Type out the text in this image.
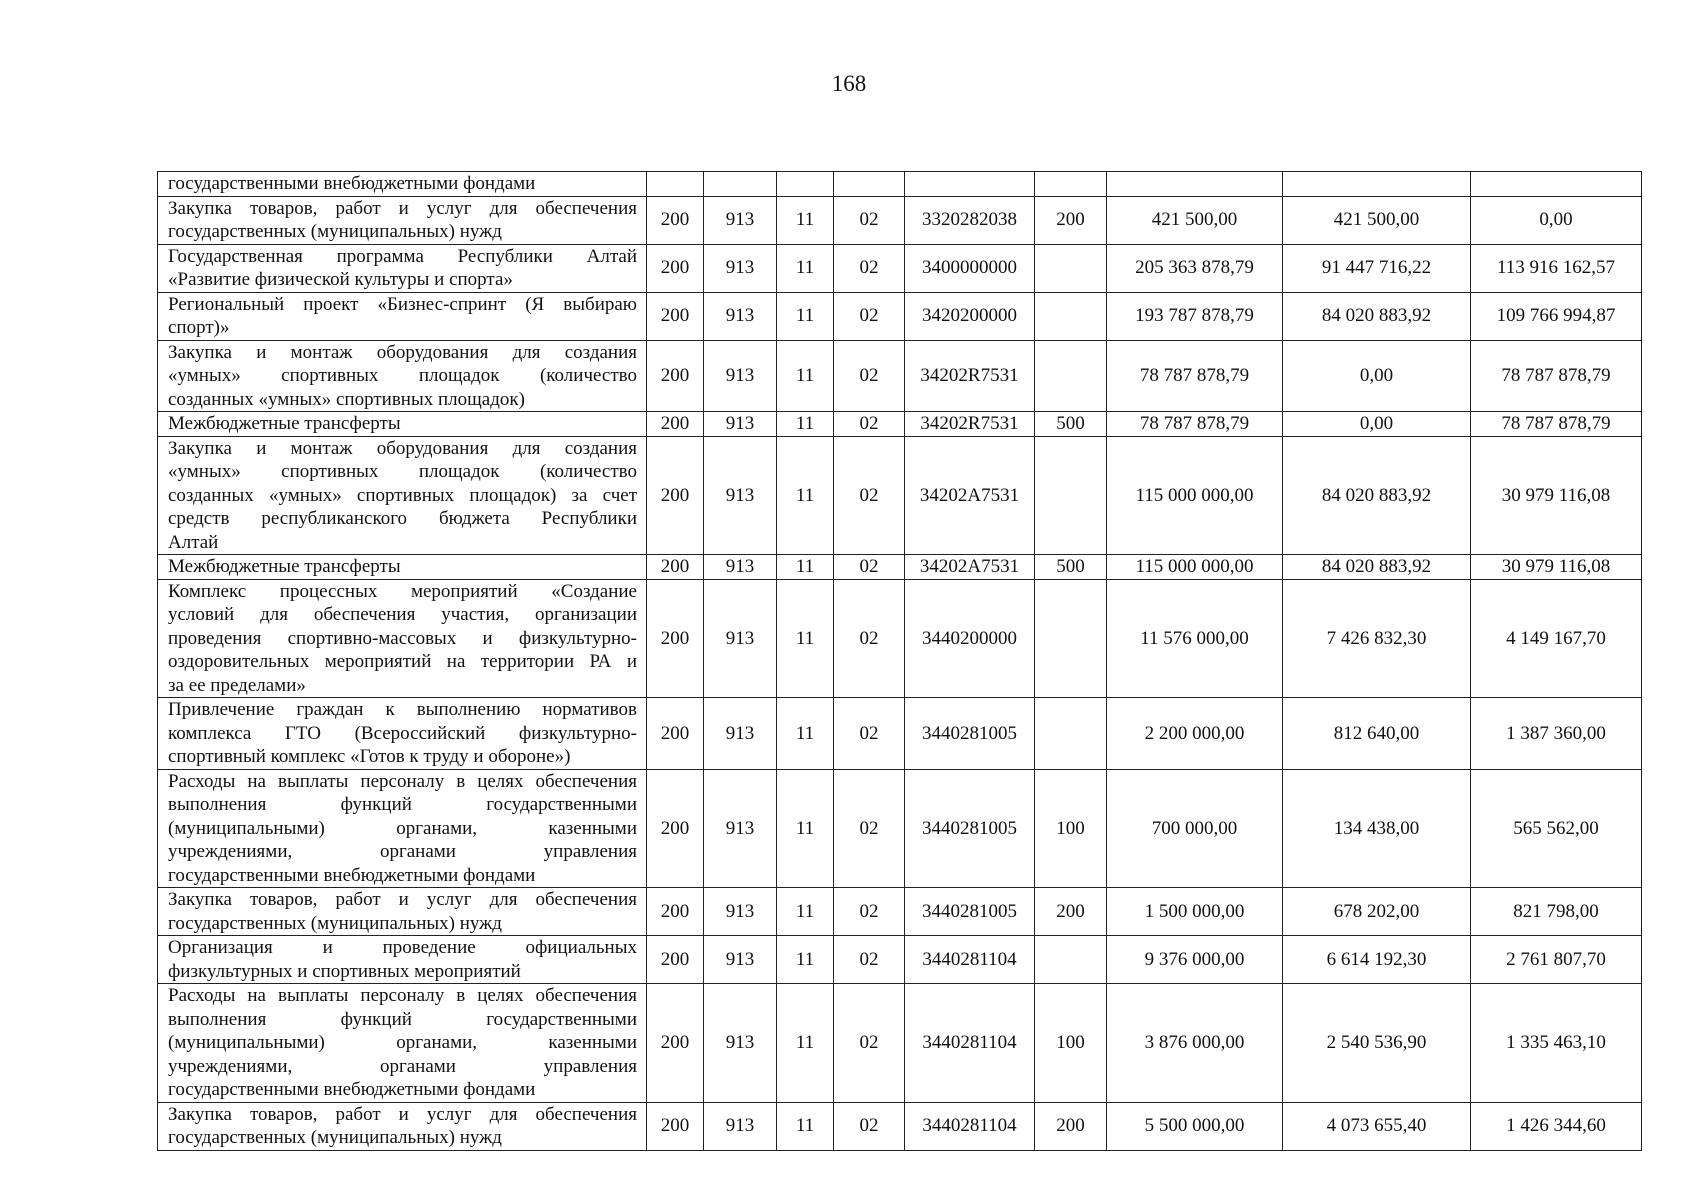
168
государственными внебюджетными фондами									

Закупка товаров, работ и услуг для обеспечения
государственных (муниципальных) нужд	200	913	11	02	3320282038	200	421 500,00	421 500,00	0,00

Государственная программа Республики Алтай
«Развитие физической культуры и спорта»	200	913	11	02	3400000000		205 363 878,79	91 447 716,22	113 916 162,57

Региональный проект «Бизнес-спринт (Я выбираю
спорт)»	200	913	11	02	3420200000		193 787 878,79	84 020 883,92	109 766 994,87

Закупка и монтаж оборудования для создания
«умных» спортивных площадок (количество
созданных «умных» спортивных площадок)	200	913	11	02	34202R7531		78 787 878,79	0,00	78 787 878,79

Межбюджетные трансферты	200	913	11	02	34202R7531	500	78 787 878,79	0,00	78 787 878,79

Закупка и монтаж оборудования для создания
«умных» спортивных площадок (количество
созданных «умных» спортивных площадок) за счет
средств республиканского бюджета Республики
Алтай	200	913	11	02	34202A7531		115 000 000,00	84 020 883,92	30 979 116,08

Межбюджетные трансферты	200	913	11	02	34202A7531	500	115 000 000,00	84 020 883,92	30 979 116,08

Комплекс процессных мероприятий «Создание
условий для обеспечения участия, организации
проведения спортивно-массовых и физкультурно-
оздоровительных мероприятий на территории РА и
за ее пределами»	200	913	11	02	3440200000		11 576 000,00	7 426 832,30	4 149 167,70

Привлечение граждан к выполнению нормативов
комплекса ГТО (Всероссийский физкультурно-
спортивный комплекс «Готов к труду и обороне»)	200	913	11	02	3440281005		2 200 000,00	812 640,00	1 387 360,00

Расходы на выплаты персоналу в целях обеспечения
выполнения функций государственными
(муниципальными) органами, казенными
учреждениями, органами управления
государственными внебюджетными фондами	200	913	11	02	3440281005	100	700 000,00	134 438,00	565 562,00

Закупка товаров, работ и услуг для обеспечения
государственных (муниципальных) нужд	200	913	11	02	3440281005	200	1 500 000,00	678 202,00	821 798,00

Организация и проведение официальных
физкультурных и спортивных мероприятий	200	913	11	02	3440281104		9 376 000,00	6 614 192,30	2 761 807,70

Расходы на выплаты персоналу в целях обеспечения
выполнения функций государственными
(муниципальными) органами, казенными
учреждениями, органами управления
государственными внебюджетными фондами	200	913	11	02	3440281104	100	3 876 000,00	2 540 536,90	1 335 463,10

Закупка товаров, работ и услуг для обеспечения
государственных (муниципальных) нужд	200	913	11	02	3440281104	200	5 500 000,00	4 073 655,40	1 426 344,60
